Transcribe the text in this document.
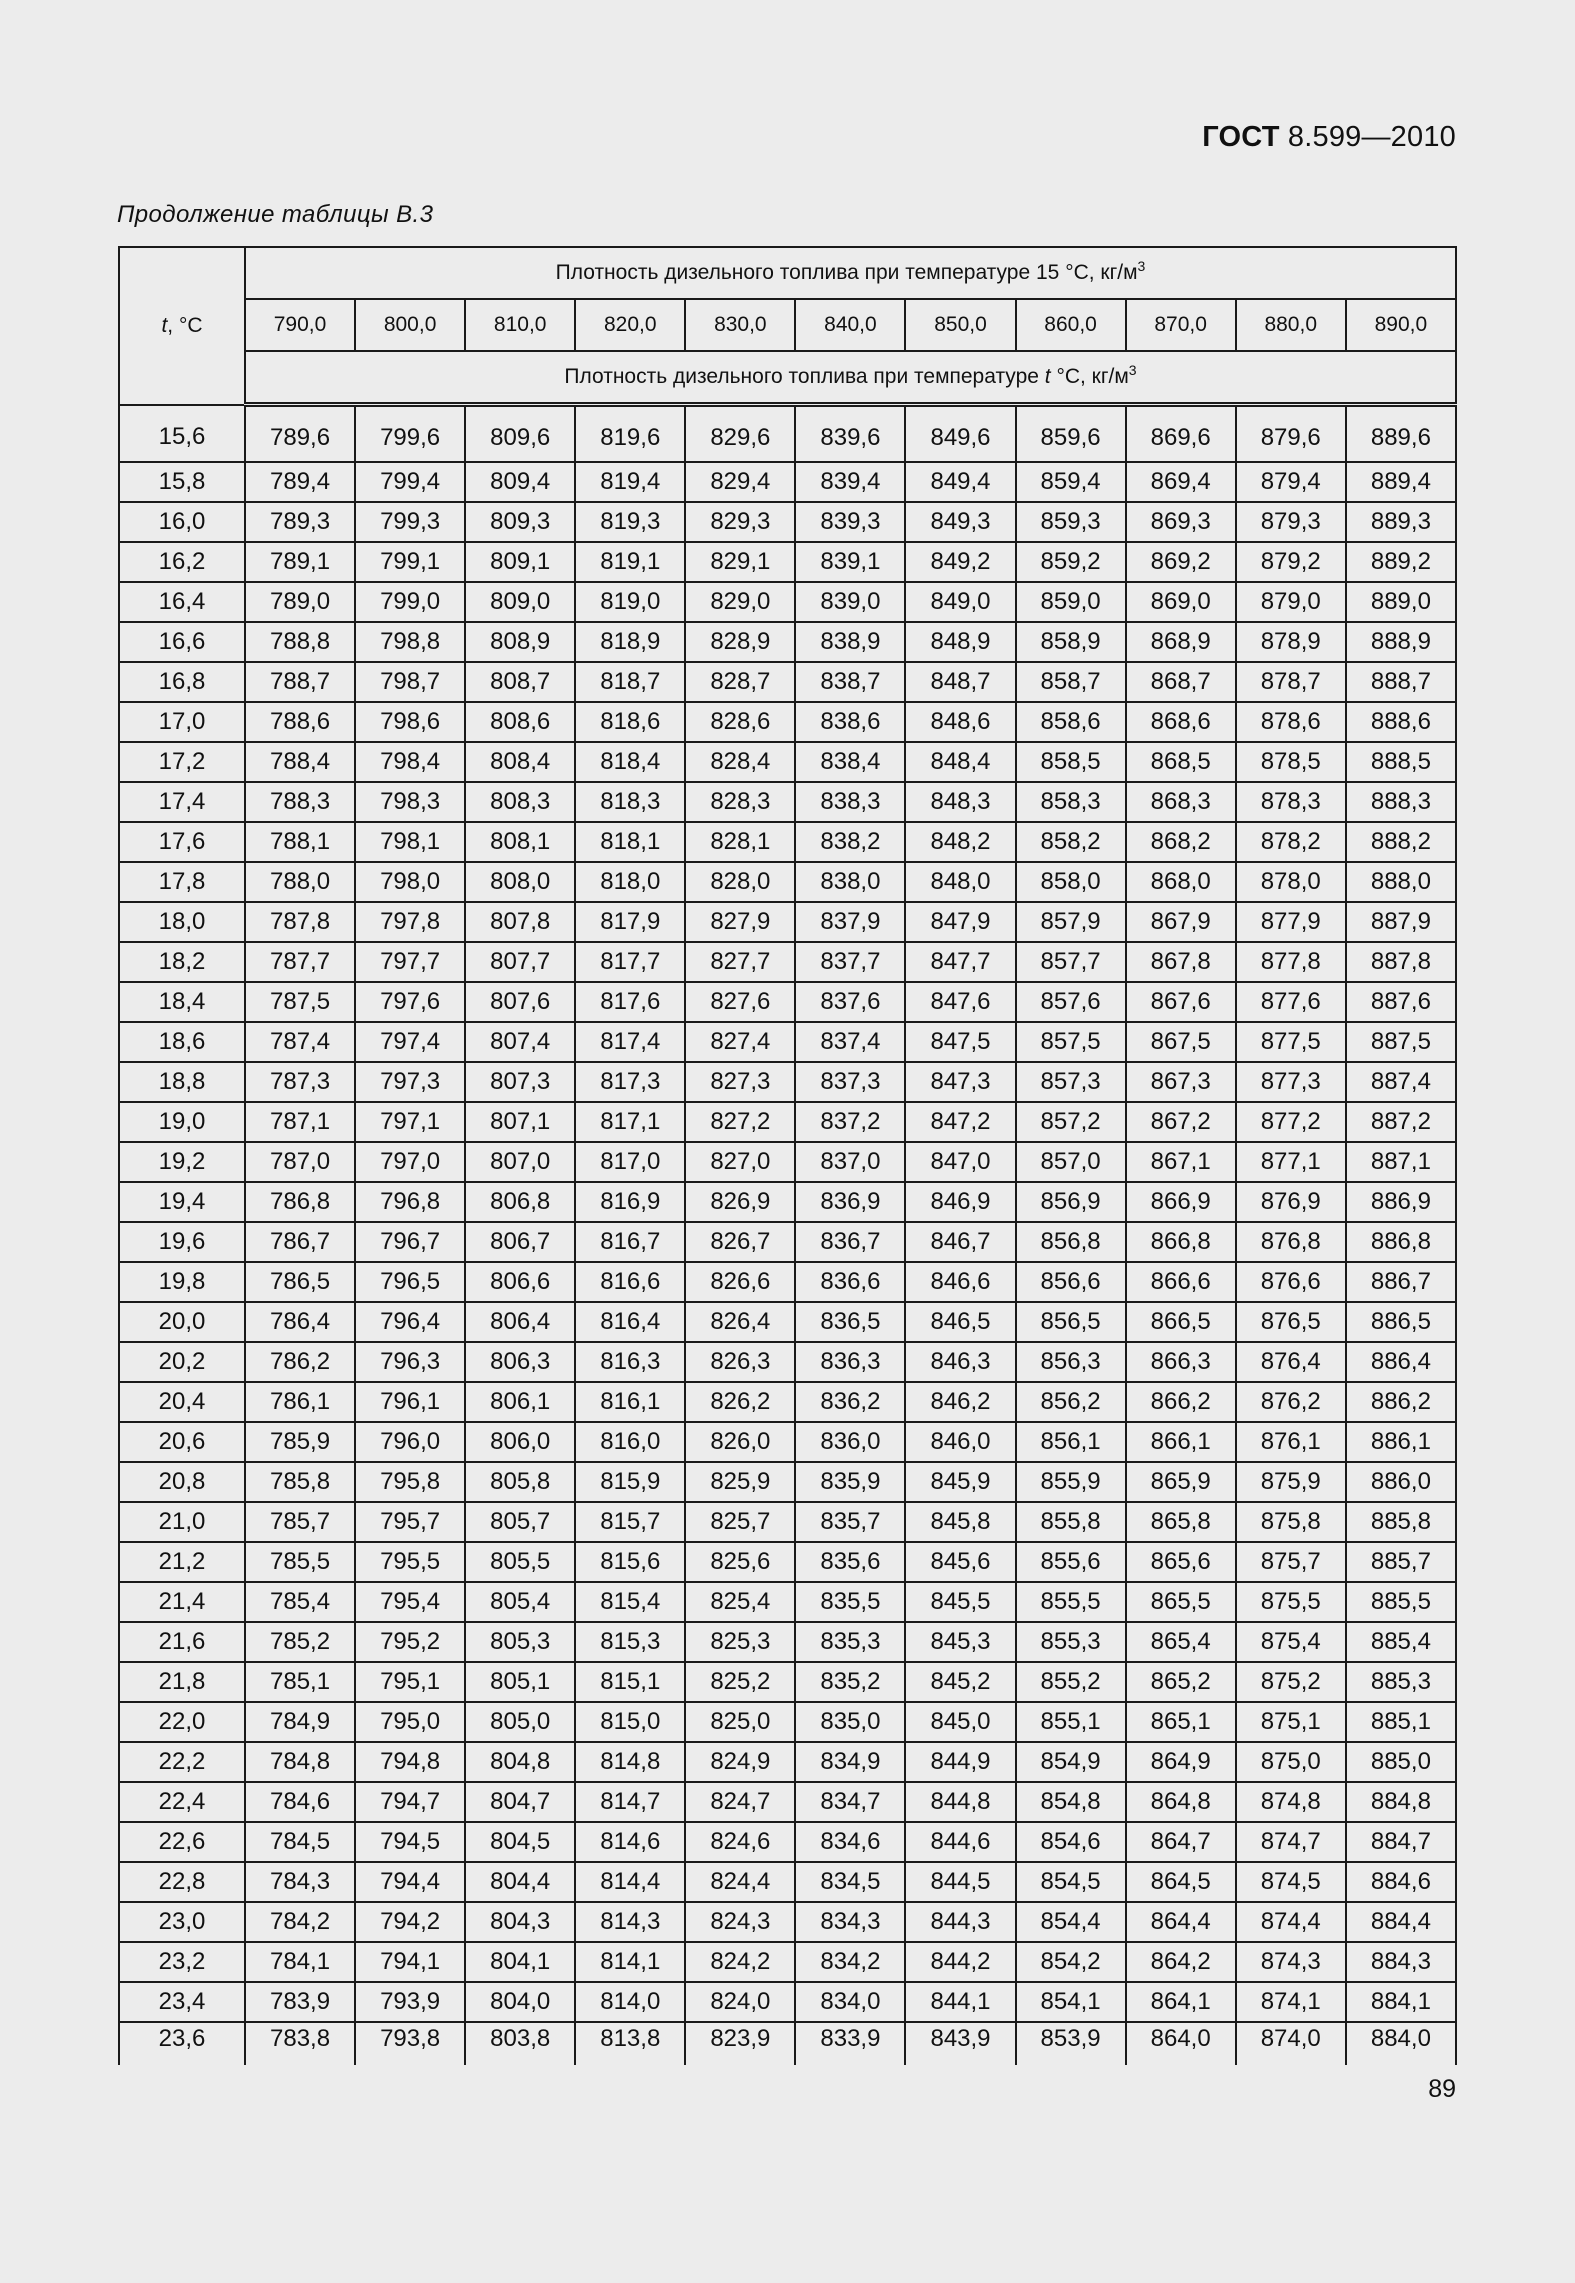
ГОСТ 8.599—2010
Продолжение таблицы В.3
t, °C	Плотность дизельного топлива при температуре 15 °С, $кг/м^3$
	790,0	800,0	810,0	820,0	830,0	840,0	850,0	860,0	870,0	880,0	890,0
	Плотность дизельного топлива при температуре t °С, $кг/м^3$
15,6	789,6	799,6	809,6	819,6	829,6	839,6	849,6	859,6	869,6	879,6	889,6
15,8	789,4	799,4	809,4	819,4	829,4	839,4	849,4	859,4	869,4	879,4	889,4
16,0	789,3	799,3	809,3	819,3	829,3	839,3	849,3	859,3	869,3	879,3	889,3
16,2	789,1	799,1	809,1	819,1	829,1	839,1	849,2	859,2	869,2	879,2	889,2
16,4	789,0	799,0	809,0	819,0	829,0	839,0	849,0	859,0	869,0	879,0	889,0
16,6	788,8	798,8	808,9	818,9	828,9	838,9	848,9	858,9	868,9	878,9	888,9
16,8	788,7	798,7	808,7	818,7	828,7	838,7	848,7	858,7	868,7	878,7	888,7
17,0	788,6	798,6	808,6	818,6	828,6	838,6	848,6	858,6	868,6	878,6	888,6
17,2	788,4	798,4	808,4	818,4	828,4	838,4	848,4	858,5	868,5	878,5	888,5
17,4	788,3	798,3	808,3	818,3	828,3	838,3	848,3	858,3	868,3	878,3	888,3
17,6	788,1	798,1	808,1	818,1	828,1	838,2	848,2	858,2	868,2	878,2	888,2
17,8	788,0	798,0	808,0	818,0	828,0	838,0	848,0	858,0	868,0	878,0	888,0
18,0	787,8	797,8	807,8	817,9	827,9	837,9	847,9	857,9	867,9	877,9	887,9
18,2	787,7	797,7	807,7	817,7	827,7	837,7	847,7	857,7	867,8	877,8	887,8
18,4	787,5	797,6	807,6	817,6	827,6	837,6	847,6	857,6	867,6	877,6	887,6
18,6	787,4	797,4	807,4	817,4	827,4	837,4	847,5	857,5	867,5	877,5	887,5
18,8	787,3	797,3	807,3	817,3	827,3	837,3	847,3	857,3	867,3	877,3	887,4
19,0	787,1	797,1	807,1	817,1	827,2	837,2	847,2	857,2	867,2	877,2	887,2
19,2	787,0	797,0	807,0	817,0	827,0	837,0	847,0	857,0	867,1	877,1	887,1
19,4	786,8	796,8	806,8	816,9	826,9	836,9	846,9	856,9	866,9	876,9	886,9
19,6	786,7	796,7	806,7	816,7	826,7	836,7	846,7	856,8	866,8	876,8	886,8
19,8	786,5	796,5	806,6	816,6	826,6	836,6	846,6	856,6	866,6	876,6	886,7
20,0	786,4	796,4	806,4	816,4	826,4	836,5	846,5	856,5	866,5	876,5	886,5
20,2	786,2	796,3	806,3	816,3	826,3	836,3	846,3	856,3	866,3	876,4	886,4
20,4	786,1	796,1	806,1	816,1	826,2	836,2	846,2	856,2	866,2	876,2	886,2
20,6	785,9	796,0	806,0	816,0	826,0	836,0	846,0	856,1	866,1	876,1	886,1
20,8	785,8	795,8	805,8	815,9	825,9	835,9	845,9	855,9	865,9	875,9	886,0
21,0	785,7	795,7	805,7	815,7	825,7	835,7	845,8	855,8	865,8	875,8	885,8
21,2	785,5	795,5	805,5	815,6	825,6	835,6	845,6	855,6	865,6	875,7	885,7
21,4	785,4	795,4	805,4	815,4	825,4	835,5	845,5	855,5	865,5	875,5	885,5
21,6	785,2	795,2	805,3	815,3	825,3	835,3	845,3	855,3	865,4	875,4	885,4
21,8	785,1	795,1	805,1	815,1	825,2	835,2	845,2	855,2	865,2	875,2	885,3
22,0	784,9	795,0	805,0	815,0	825,0	835,0	845,0	855,1	865,1	875,1	885,1
22,2	784,8	794,8	804,8	814,8	824,9	834,9	844,9	854,9	864,9	875,0	885,0
22,4	784,6	794,7	804,7	814,7	824,7	834,7	844,8	854,8	864,8	874,8	884,8
22,6	784,5	794,5	804,5	814,6	824,6	834,6	844,6	854,6	864,7	874,7	884,7
22,8	784,3	794,4	804,4	814,4	824,4	834,5	844,5	854,5	864,5	874,5	884,6
23,0	784,2	794,2	804,3	814,3	824,3	834,3	844,3	854,4	864,4	874,4	884,4
23,2	784,1	794,1	804,1	814,1	824,2	834,2	844,2	854,2	864,2	874,3	884,3
23,4	783,9	793,9	804,0	814,0	824,0	834,0	844,1	854,1	864,1	874,1	884,1
23,6	783,8	793,8	803,8	813,8	823,9	833,9	843,9	853,9	864,0	874,0	884,0
89
